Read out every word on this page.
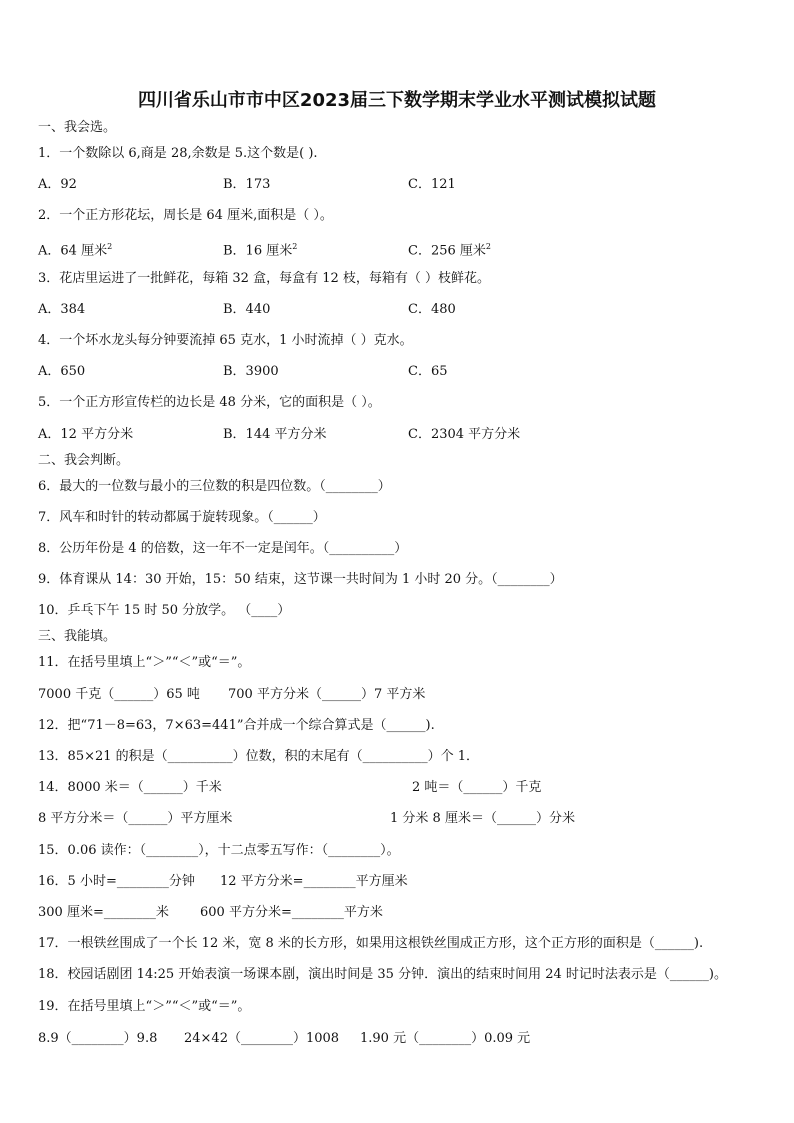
四川省乐山市市中区2023届三下数学期末学业水平测试模拟试题
一、我会选。
1．一个数除以 6,商是 28,余数是 5.这个数是( ).
A．92	B．173	C．121
2．一个正方形花坛，周长是 64 厘米,面积是（ ）。
A．64 厘米$^2$	B．16 厘米$^2$	C．256 厘米$^2$
3．花店里运进了一批鲜花，每箱 32 盒，每盒有 12 枝，每箱有（ ）枝鲜花。
A．384	B．440	C．480
4．一个坏水龙头每分钟要流掉 65 克水，1 小时流掉（ ）克水。
A．650	B．3900	C．65
5．一个正方形宣传栏的边长是 48 分米，它的面积是（ ）。
A．12 平方分米	B．144 平方分米	C．2304 平方分米
二、我会判断。
6．最大的一位数与最小的三位数的积是四位数。（________）
7．风车和时针的转动都属于旋转现象。（______）
8．公历年份是 4 的倍数，这一年不一定是闰年。（__________）
9．体育课从 14：30 开始，15：50 结束，这节课一共时间为 1 小时 20 分。（________）
10．乒乓下午 15 时 50 分放学。 （____）
三、我能填。
11．在括号里填上“＞”“＜”或“＝”。
7000 千克（______）65 吨 700 平方分米（______）7 平方米
12．把“71－8=63，7×63=441”合并成一个综合算式是（______).
13．85×21 的积是（__________）位数，积的末尾有（__________）个 1．
14．8000 米＝（______）千米	2 吨＝（______）千克
8 平方分米＝（______）平方厘米	1 分米 8 厘米＝（______）分米
15．0.06 读作：（________），十二点零五写作：（________）。
16．5 小时=________分钟 12 平方分米=________平方厘米
300 厘米=________米 600 平方分米=________平方米
17．一根铁丝围成了一个长 12 米，宽 8 米的长方形，如果用这根铁丝围成正方形，这个正方形的面积是（______).
18．校园话剧团 14:25 开始表演一场课本剧，演出时间是 35 分钟．演出的结束时间用 24 时记时法表示是（______)。
19．在括号里填上“＞”“＜”或“＝”。
8.9（________）9.8 24×42（________）1008 1.90 元（________）0.09 元
